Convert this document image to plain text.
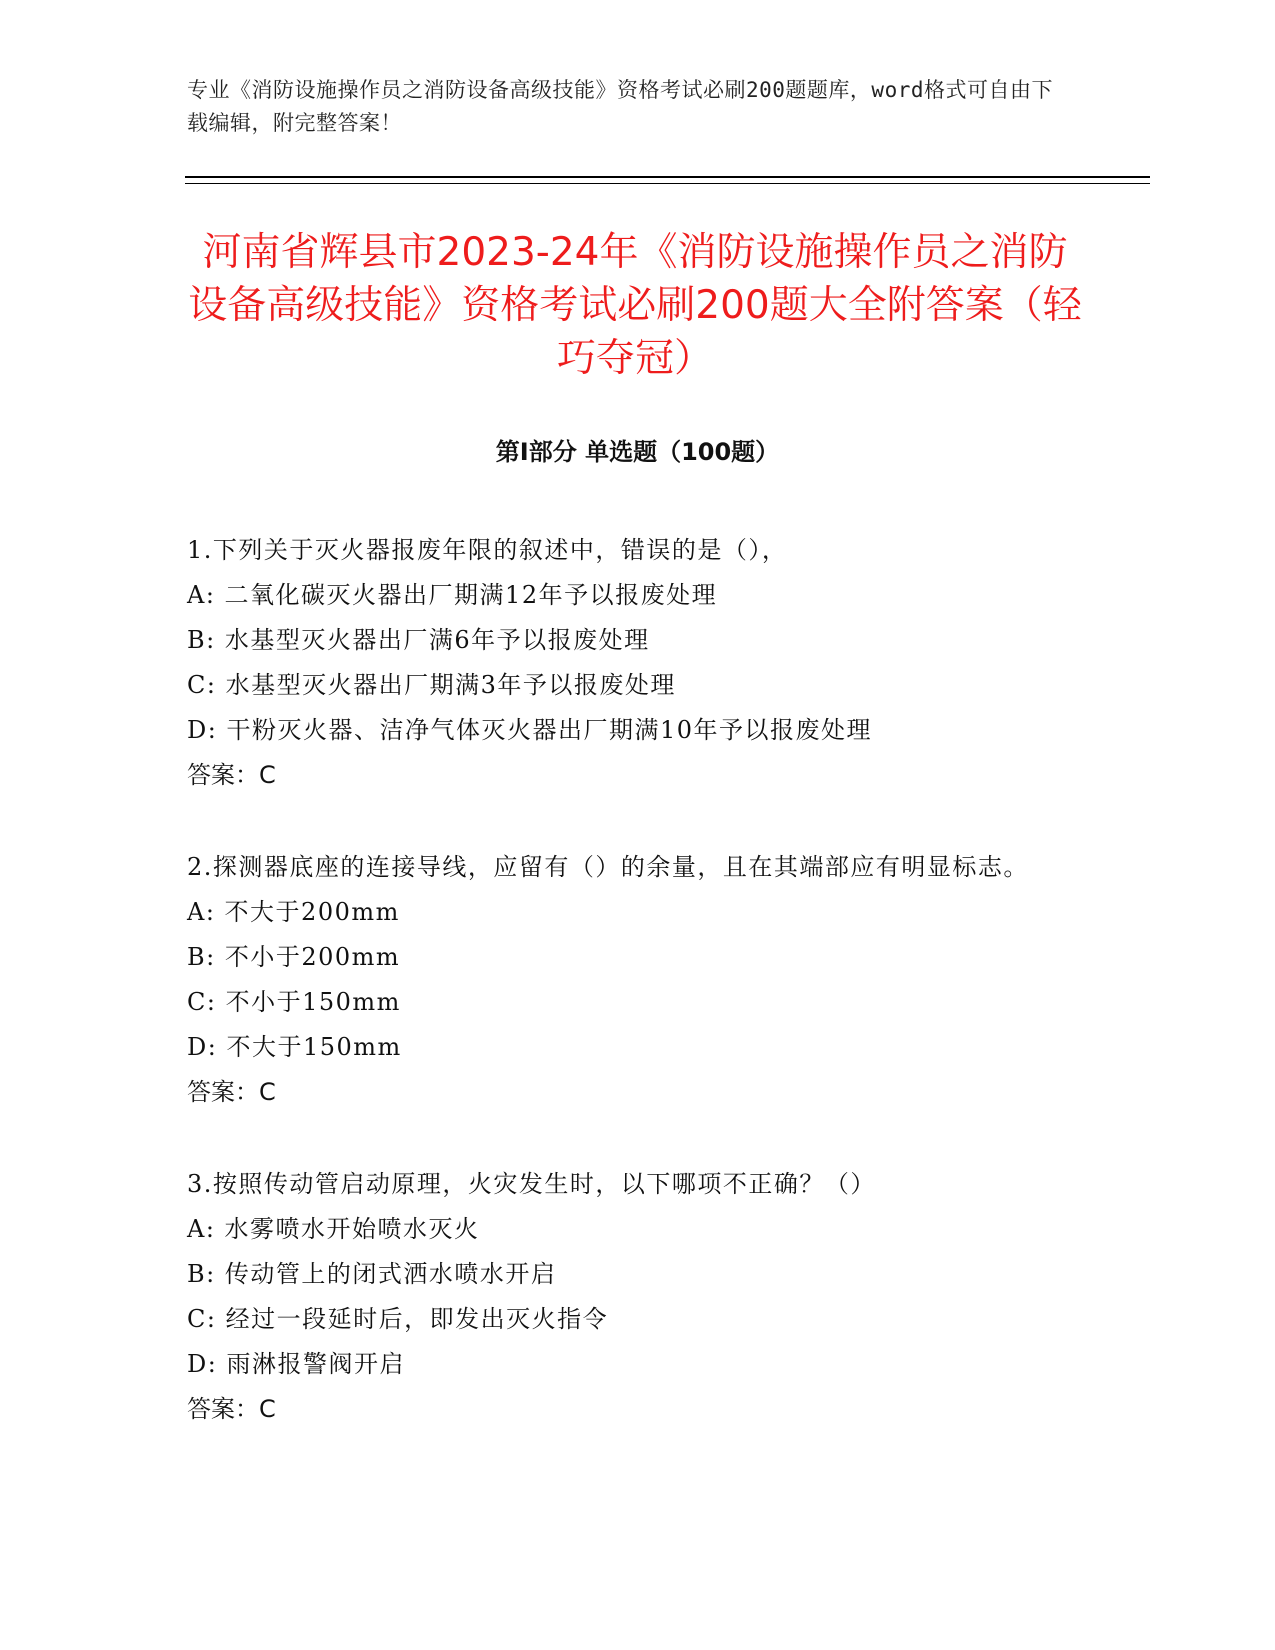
专业《消防设施操作员之消防设备高级技能》资格考试必刷200题题库，word格式可自由下载编辑，附完整答案！
河南省辉县市2023-24年《消防设施操作员之消防设备高级技能》资格考试必刷200题大全附答案（轻巧夺冠）
第Ⅰ部分 单选题（100题）
1.下列关于灭火器报废年限的叙述中，错误的是（），
A: 二氧化碳灭火器出厂期满12年予以报废处理
B: 水基型灭火器出厂满6年予以报废处理
C: 水基型灭火器出厂期满3年予以报废处理
D: 干粉灭火器、洁净气体灭火器出厂期满10年予以报废处理
答案：C
2.探测器底座的连接导线，应留有（）的余量，且在其端部应有明显标志。
A: 不大于200mm
B: 不小于200mm
C: 不小于150mm
D: 不大于150mm
答案：C
3.按照传动管启动原理，火灾发生时，以下哪项不正确？（）
A: 水雾喷水开始喷水灭火
B: 传动管上的闭式洒水喷水开启
C: 经过一段延时后，即发出灭火指令
D: 雨淋报警阀开启
答案：C
